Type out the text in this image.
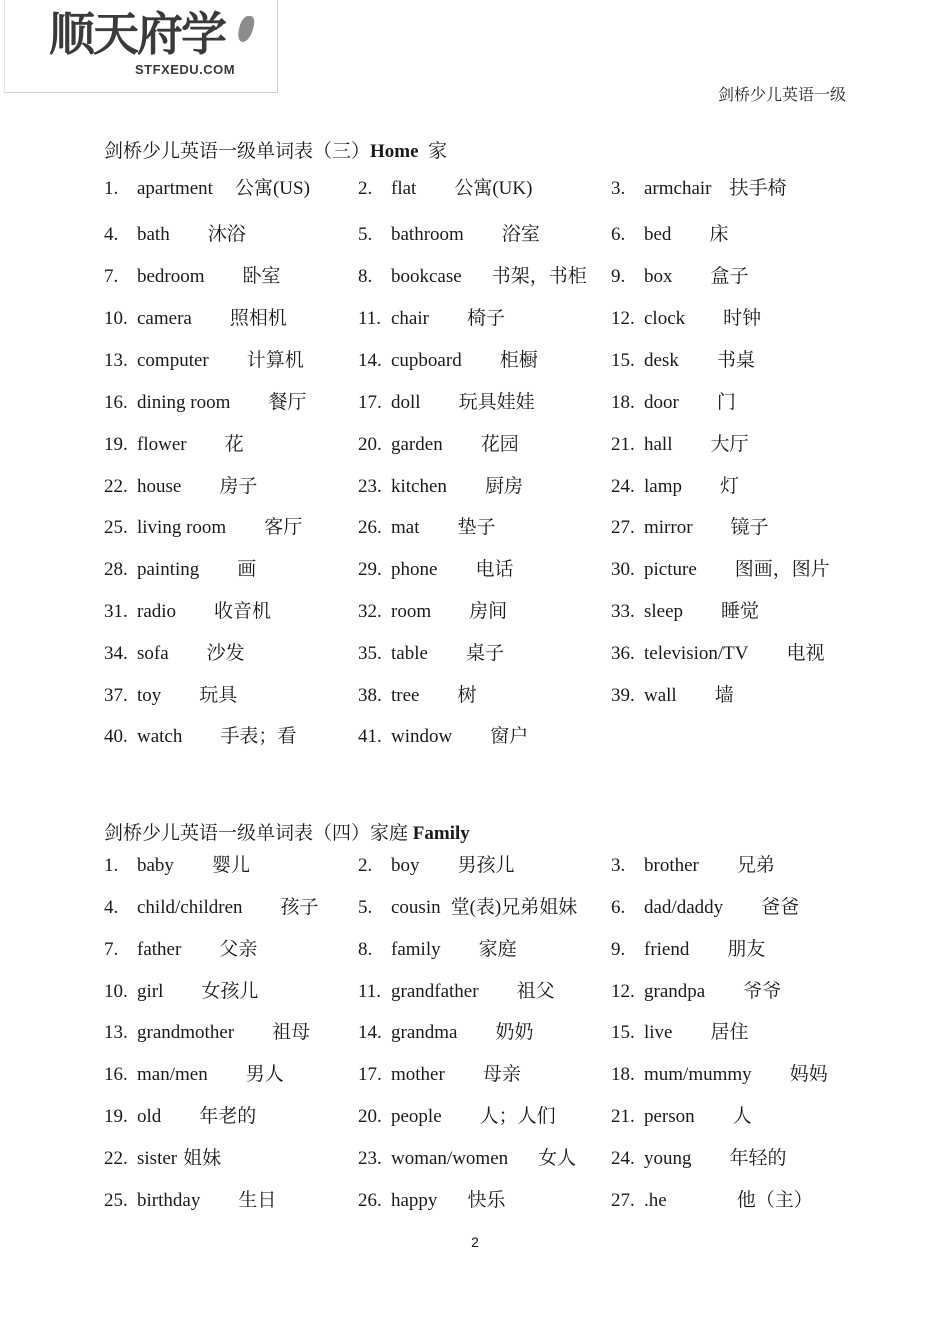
顺天府学
STFXEDU.COM
剑桥少儿英语一级
剑桥少儿英语一级单词表（三）Home  家
1. apartment 公寓(US)	2. flat 公寓(UK)	3. armchair 扶手椅
4. bath 沐浴	5. bathroom 浴室	6. bed 床
7. bedroom 卧室	8. bookcase 书架，书柜 9. box 盒子
10. camera 照相机	11. chair 椅子	12. clock 时钟
13. computer 计算机	14. cupboard 柜橱	15. desk 书桌
16. dining room 餐厅	17. doll 玩具娃娃	18. door 门
19. flower 花	20. garden 花园	21. hall 大厅
22. house 房子	23. kitchen 厨房	24. lamp 灯
25. living room 客厅	26. mat 垫子	27. mirror 镜子
28. painting 画	29. phone 电话	30. picture 图画，图片
31. radio 收音机	32. room 房间	33. sleep 睡觉
34. sofa 沙发	35. table 桌子	36. television/TV 电视
37. toy 玩具	38. tree 树	39. wall 墙
40. watch 手表；看	41. window 窗户
剑桥少儿英语一级单词表（四）家庭 Family
1. baby 婴儿	2. boy 男孩儿	3. brother 兄弟
4. child/children 孩子 5. cousin 堂(表)兄弟姐妹 6. dad/daddy 爸爸
7. father 父亲	8. family 家庭	9. friend 朋友
10. girl 女孩儿	11. grandfather 祖父	12. grandpa 爷爷
13. grandmother 祖母	14. grandma 奶奶	15. live 居住
16. man/men 男人	17. mother 母亲	18. mum/mummy 妈妈
19. old 年老的	20. people 人；人们	21. person 人
22. sister 姐妹	23. woman/women 女人 24. young 年轻的
25. birthday 生日	26. happy 快乐	27. .he	他（主）
2
